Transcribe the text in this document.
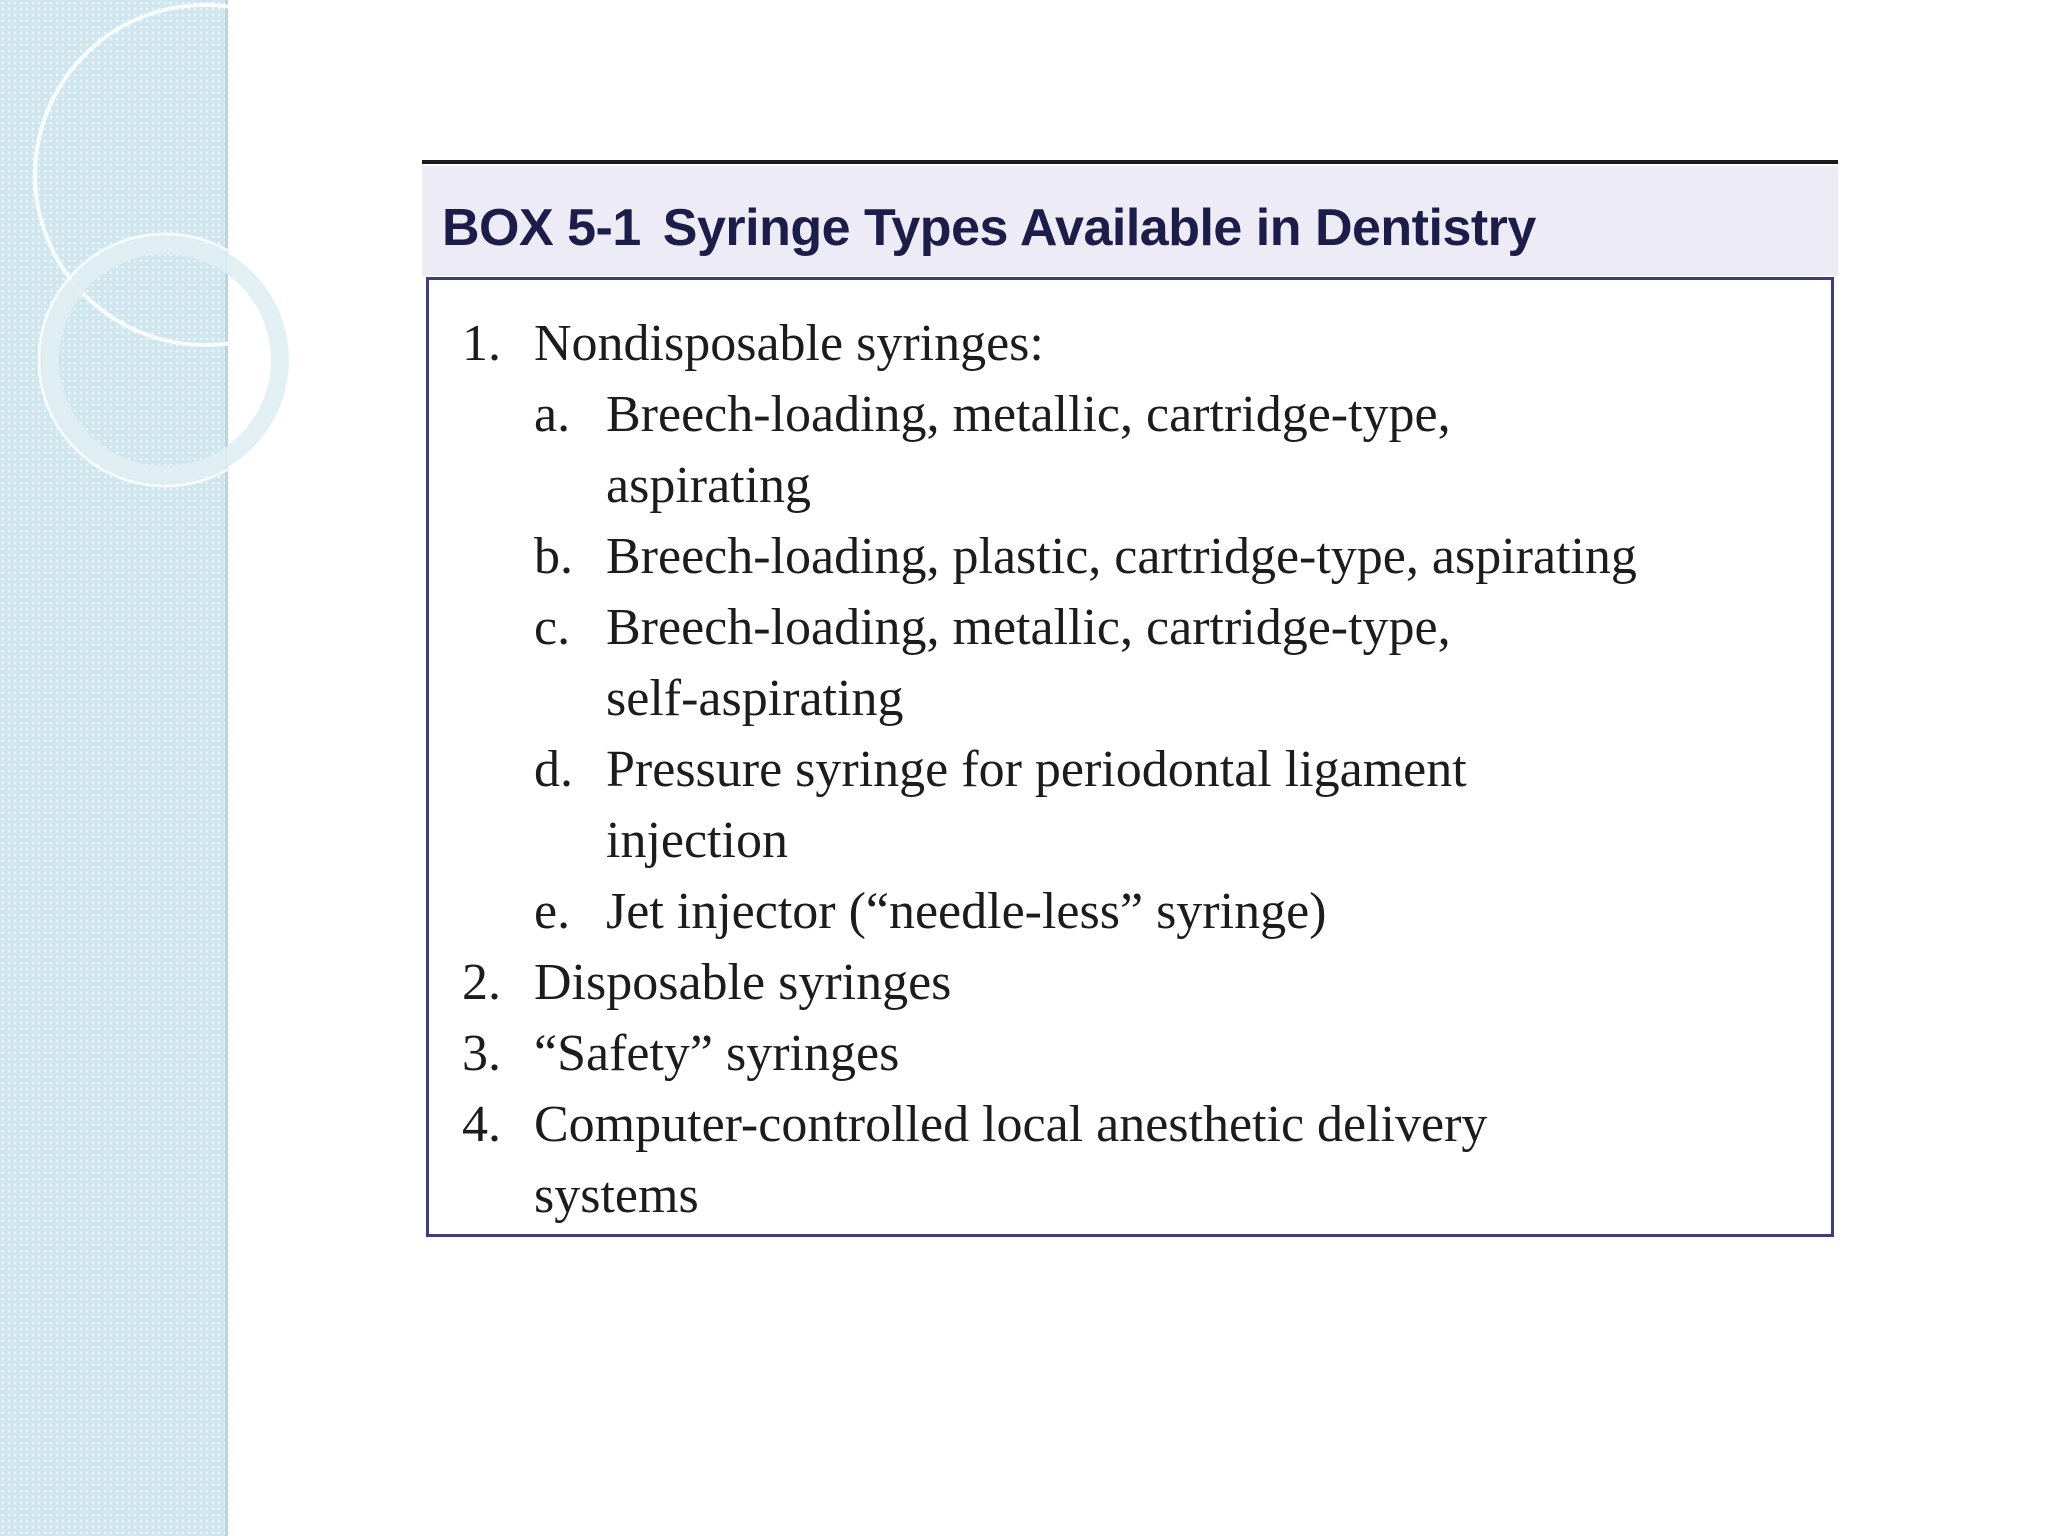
BOX 5-1 Syringe Types Available in Dentistry
1. Nondisposable syringes:
a. Breech-loading, metallic, cartridge-type,
aspirating
b. Breech-loading, plastic, cartridge-type, aspirating
c. Breech-loading, metallic, cartridge-type,
self-aspirating
d. Pressure syringe for periodontal ligament
injection
e. Jet injector (“needle-less” syringe)
2. Disposable syringes
3. “Safety” syringes
4. Computer-controlled local anesthetic delivery
systems
